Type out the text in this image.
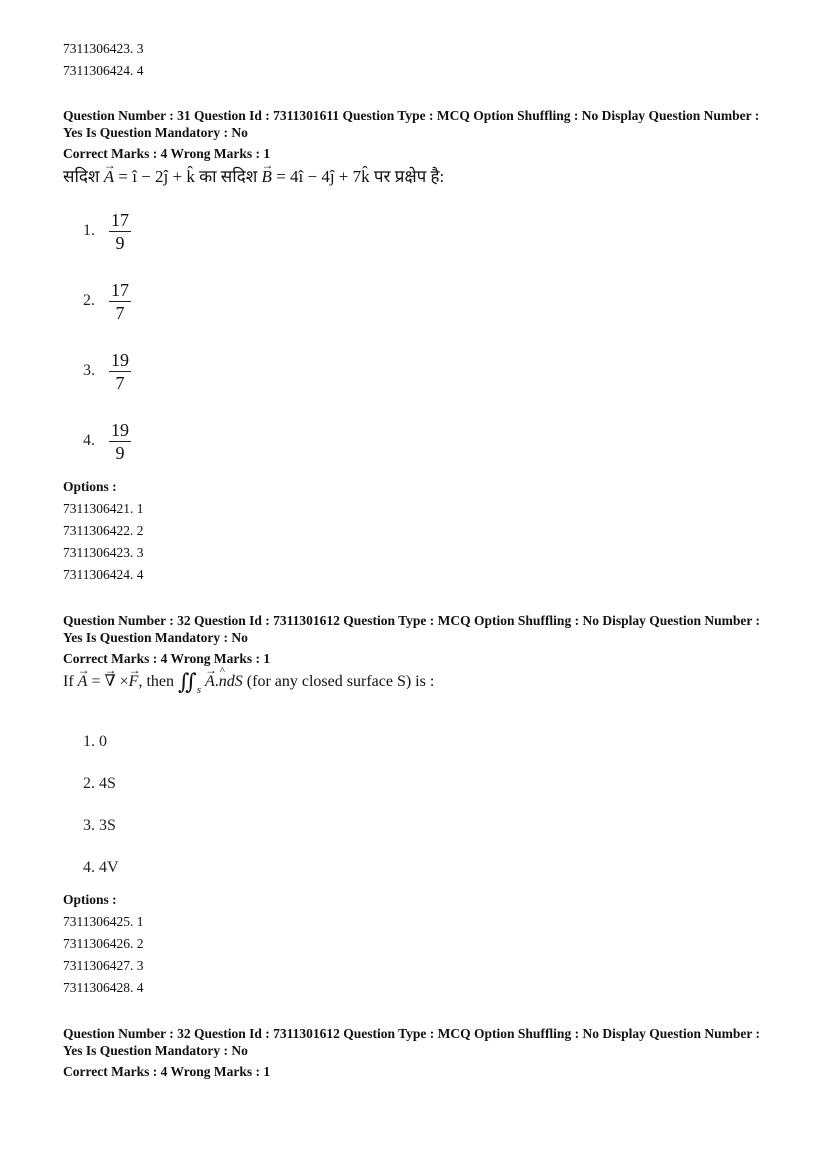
7311306423. 3
7311306424. 4
Question Number : 31 Question Id : 7311301611 Question Type : MCQ Option Shuffling : No Display Question Number : Yes Is Question Mandatory : No
Correct Marks : 4 Wrong Marks : 1
सदिश → A = î − 2ĵ + k̂ का सदिश → B = 4î − 4ĵ + 7k̂ पर प्रक्षेप है:
1. $\frac{17}{9}$
2. $\frac{17}{7}$
3. $\frac{19}{7}$
4. $\frac{19}{9}$
Options :
7311306421. 1
7311306422. 2
7311306423. 3
7311306424. 4
Question Number : 32 Question Id : 7311301612 Question Type : MCQ Option Shuffling : No Display Question Number : Yes Is Question Mandatory : No
Correct Marks : 4 Wrong Marks : 1
If → A = → ∇ ×→ F, then $∬_s$ → A.^ ndS (for any closed surface S) is :
1. 0
2. 4S
3. 3S
4. 4V
Options :
7311306425. 1
7311306426. 2
7311306427. 3
7311306428. 4
Question Number : 32 Question Id : 7311301612 Question Type : MCQ Option Shuffling : No Display Question Number : Yes Is Question Mandatory : No
Correct Marks : 4 Wrong Marks : 1
